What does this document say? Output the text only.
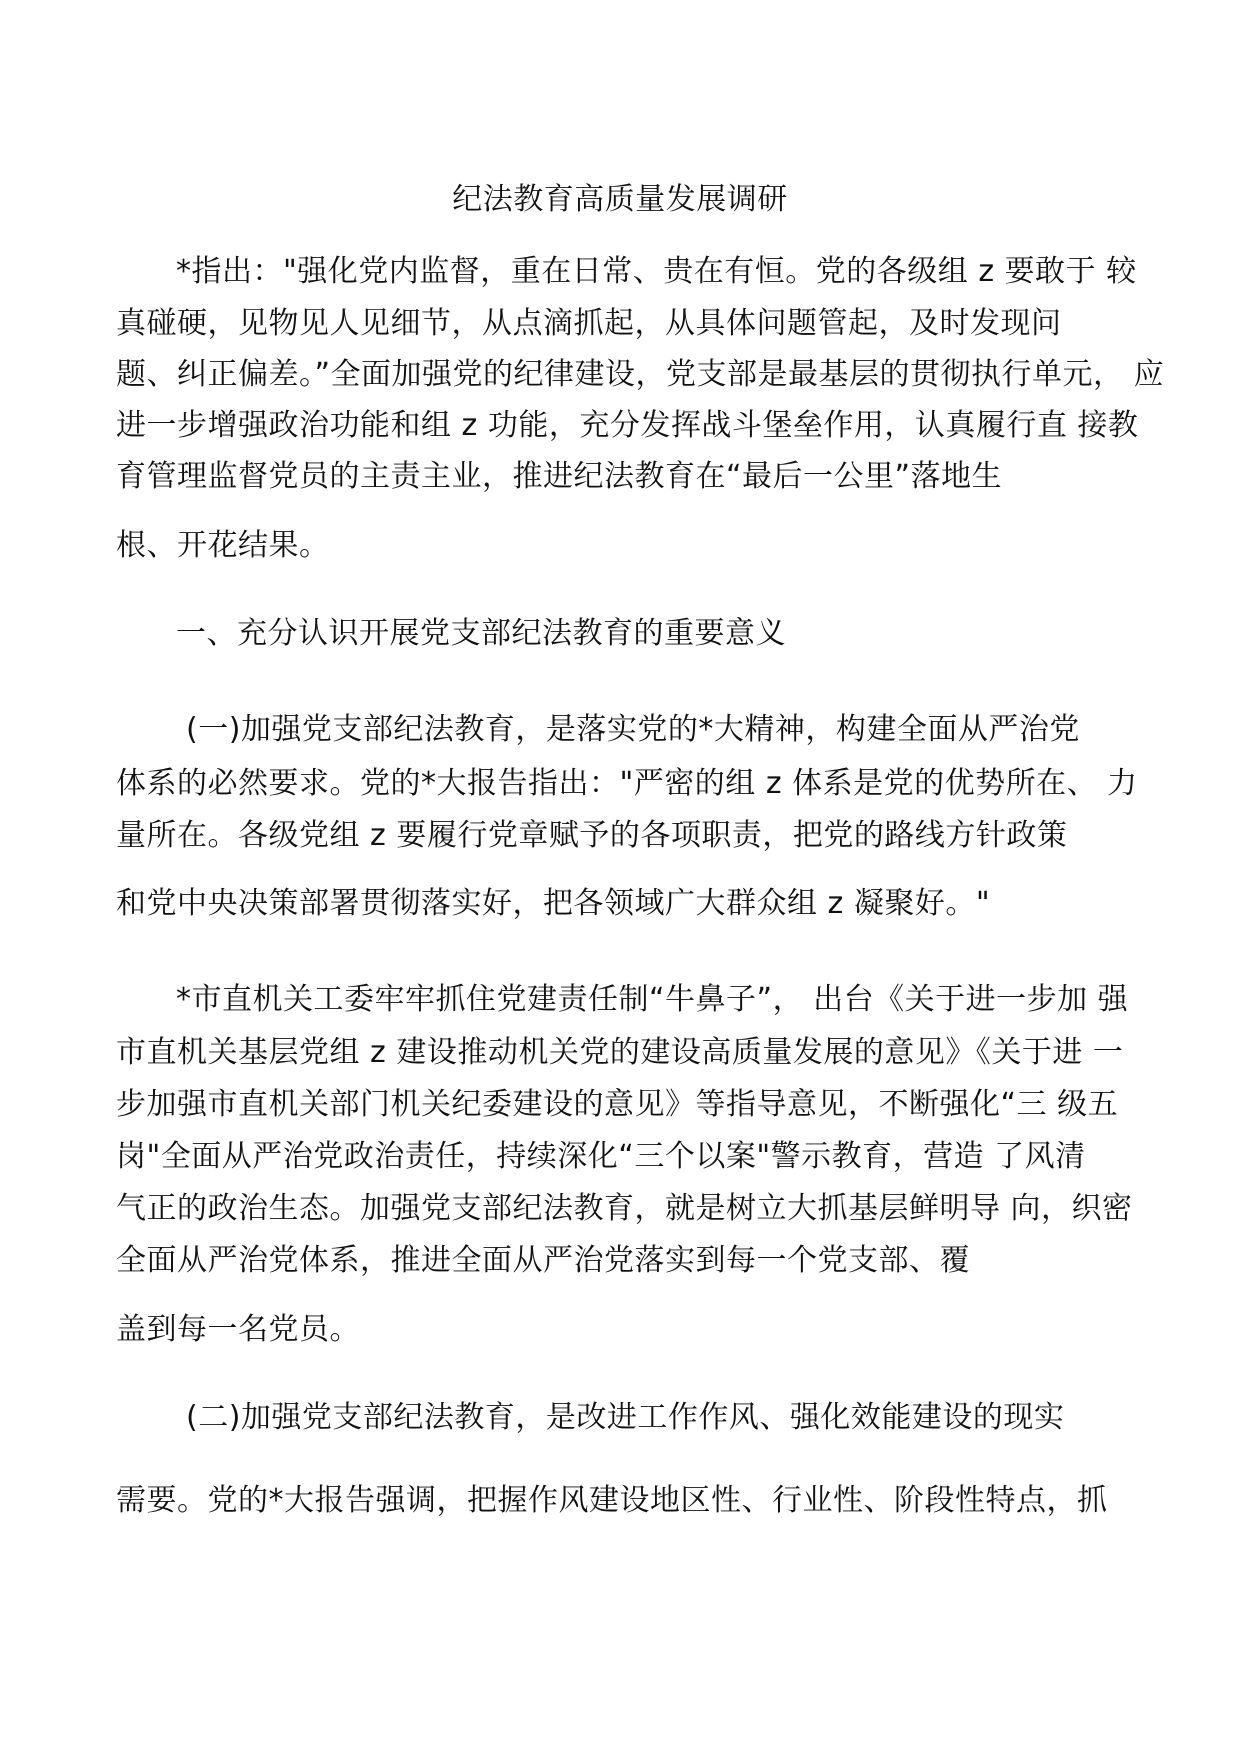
纪法教育高质量发展调研
*指出："强化党内监督，重在日常、贵在有恒。党的各级组 z 要敢于 较
真碰硬，见物见人见细节，从点滴抓起，从具体问题管起，及时发现问
题、纠正偏差。”全面加强党的纪律建设，党支部是最基层的贯彻执行单元， 应
进一步增强政治功能和组 z 功能，充分发挥战斗堡垒作用，认真履行直 接教
育管理监督党员的主责主业，推进纪法教育在“最后一公里”落地生
根、开花结果。
一、充分认识开展党支部纪法教育的重要意义
(一)加强党支部纪法教育，是落实党的*大精神，构建全面从严治党
体系的必然要求。党的*大报告指出："严密的组 z 体系是党的优势所在、 力
量所在。各级党组 z 要履行党章赋予的各项职责，把党的路线方针政策
和党中央决策部署贯彻落实好，把各领域广大群众组 z 凝聚好。"
*市直机关工委牢牢抓住党建责任制“牛鼻子”， 出台《关于进一步加 强
市直机关基层党组 z 建设推动机关党的建设高质量发展的意见》《关于进 一
步加强市直机关部门机关纪委建设的意见》等指导意见，不断强化“三 级五
岗"全面从严治党政治责任，持续深化“三个以案"警示教育，营造 了风清
气正的政治生态。加强党支部纪法教育，就是树立大抓基层鲜明导 向，织密
全面从严治党体系，推进全面从严治党落实到每一个党支部、覆
盖到每一名党员。
(二)加强党支部纪法教育，是改进工作作风、强化效能建设的现实
需要。党的*大报告强调，把握作风建设地区性、行业性、阶段性特点，抓
